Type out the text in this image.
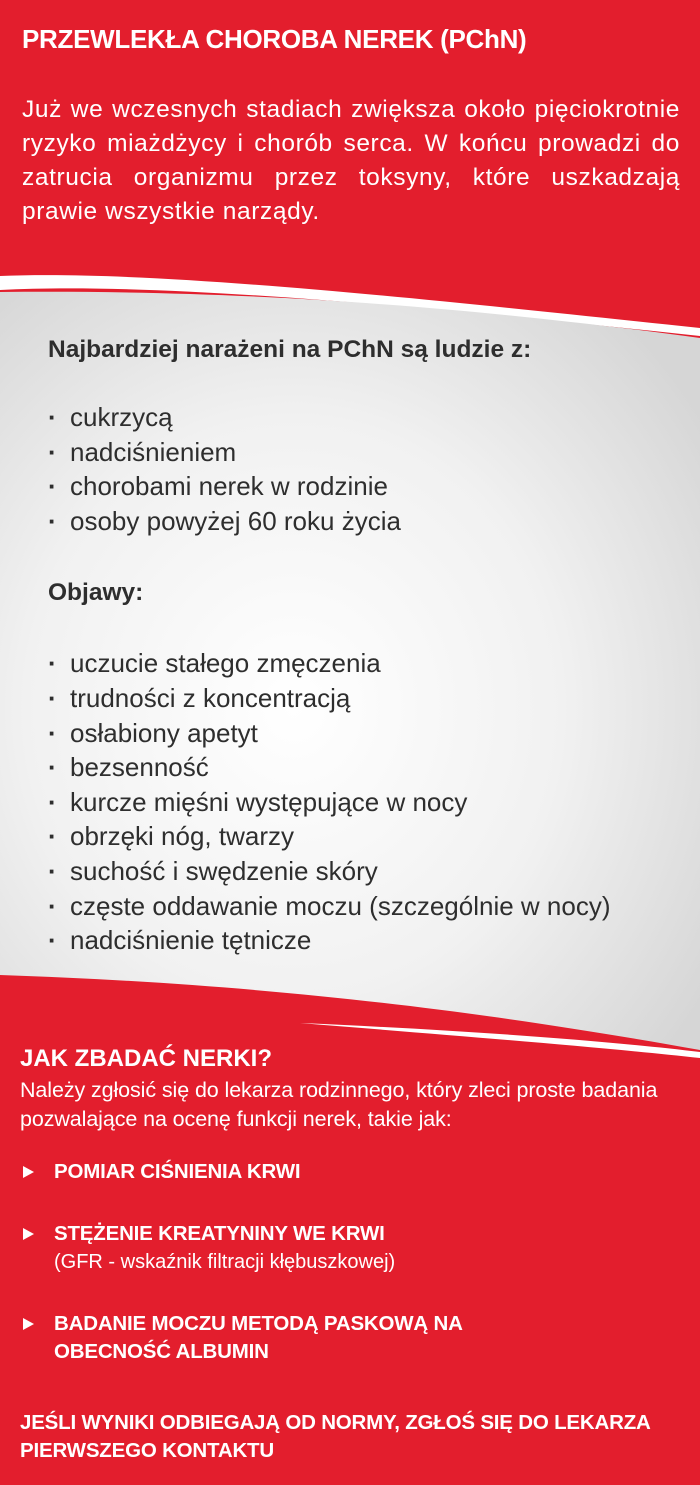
PRZEWLEKŁA CHOROBA NEREK (PChN)

Już we wczesnych stadiach zwiększa około pięciokrotnie ryzyko miażdżycy i chorób serca. W końcu prowadzi do zatrucia organizmu przez toksyny, które uszkadzają prawie wszystkie narządy.

Najbardziej narażeni na PChN są ludzie z:
· cukrzycą
· nadciśnieniem
· chorobami nerek w rodzinie
· osoby powyżej 60 roku życia
Objawy:
· uczucie stałego zmęczenia
· trudności z koncentracją
· osłabiony apetyt
· bezsenność
· kurcze mięśni występujące w nocy
· obrzęki nóg, twarzy
· suchość i swędzenie skóry
· częste oddawanie moczu (szczególnie w nocy)
· nadciśnienie tętnicze
JAK ZBADAĆ NERKI?

Należy zgłosić się do lekarza rodzinnego, który zleci proste badania pozwalające na ocenę funkcji nerek, takie jak:

POMIAR CIŚNIENIA KRWI
STĘŻENIE KREATYNINY WE KRWI
(GFR - wskaźnik filtracji kłębuszkowej)
BADANIE MOCZU METODĄ PASKOWĄ NA OBECNOŚĆ ALBUMIN

JEŚLI WYNIKI ODBIEGAJĄ OD NORMY, ZGŁOŚ SIĘ DO LEKARZA PIERWSZEGO KONTAKTU
